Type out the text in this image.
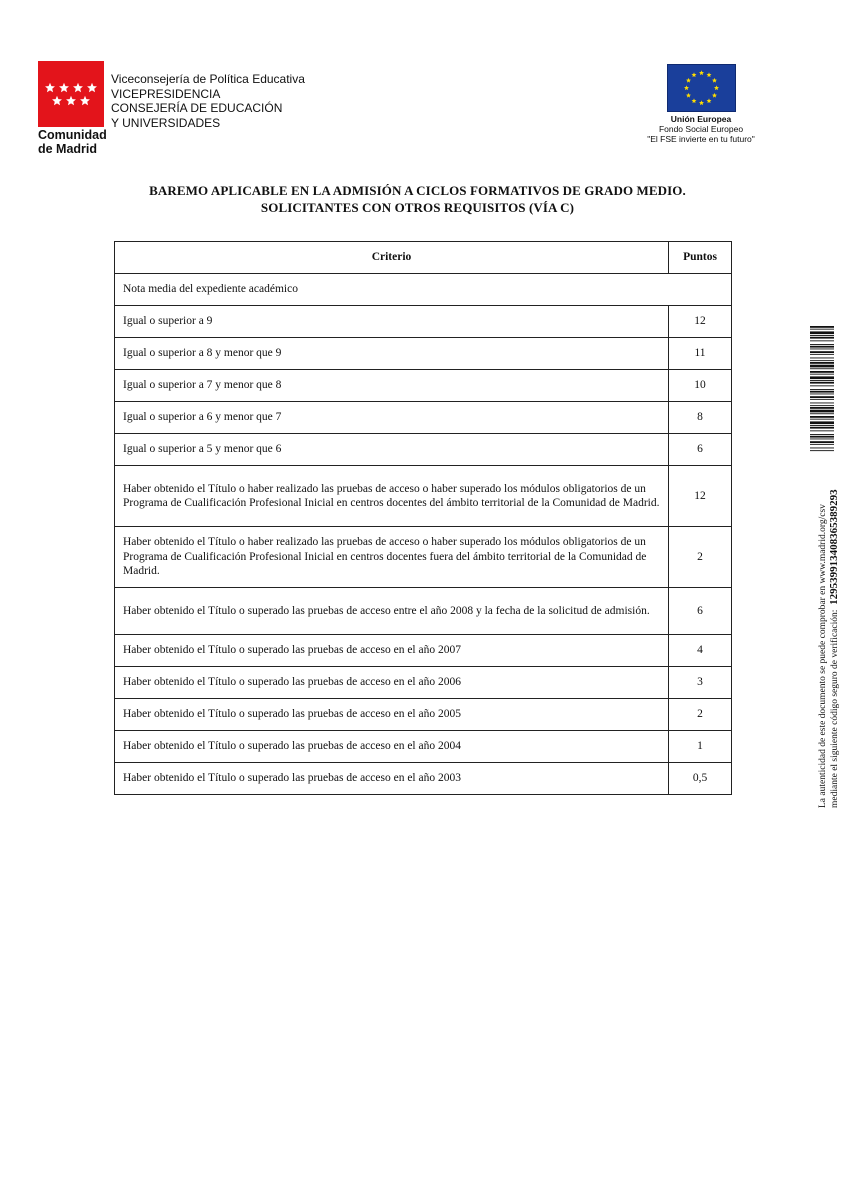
Comunidad
de Madrid
Viceconsejería de Política Educativa
VICEPRESIDENCIA
CONSEJERÍA DE EDUCACIÓN
Y UNIVERSIDADES	Unión Europea
Fondo Social Europeo
"El FSE invierte en tu futuro"
BAREMO APLICABLE EN LA ADMISIÓN A CICLOS FORMATIVOS DE GRADO MEDIO.
SOLICITANTES CON OTROS REQUISITOS (VÍA C)
Criterio	Puntos
Nota media del expediente académico	
Igual o superior a 9	12
Igual o superior a 8 y menor que 9	11
Igual o superior a 7 y menor que 8	10
Igual o superior a 6 y menor que 7	8
Igual o superior a 5 y menor que 6	6
Haber obtenido el Título o haber realizado las pruebas de acceso o haber superado los módulos obligatorios de un Programa de Cualificación Profesional Inicial en centros docentes del ámbito territorial de la Comunidad de Madrid.	12
Haber obtenido el Título o haber realizado las pruebas de acceso o haber superado los módulos obligatorios de un Programa de Cualificación Profesional Inicial en centros docentes fuera del ámbito territorial de la Comunidad de Madrid.	2
Haber obtenido el Título o superado las pruebas de acceso entre el año 2008 y la fecha de la solicitud de admisión.	6
Haber obtenido el Título o superado las pruebas de acceso en el año 2007	4
Haber obtenido el Título o superado las pruebas de acceso en el año 2006	3
Haber obtenido el Título o superado las pruebas de acceso en el año 2005	2
Haber obtenido el Título o superado las pruebas de acceso en el año 2004	1
Haber obtenido el Título o superado las pruebas de acceso en el año 2003	0,5	La autenticidad de este documento se puede comprobar en www.madrid.org/csv mediante el siguiente código seguro de verificación:  1295399134083653892​93
